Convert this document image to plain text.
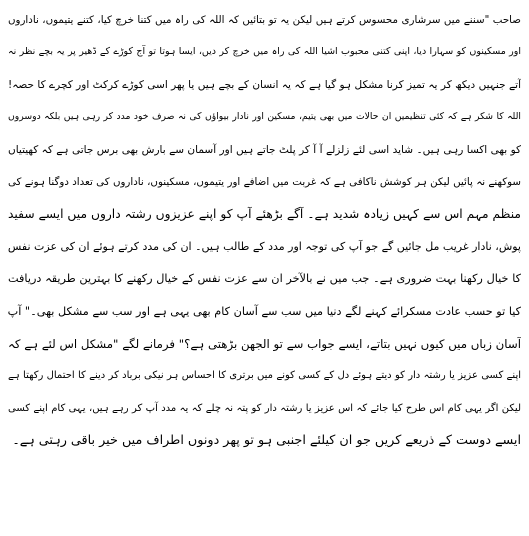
صاحب "سننے میں سرشاری محسوس کرتے ہیں لیکن یہ تو بتائیں کہ اللہ کی راہ میں کتنا خرچ کیا، کتنے یتیموں، ناداروں
اور مسکینوں کو سہارا دیا، اپنی کتنی محبوب اشیا اللہ کی راہ میں خرچ کر دیں، ایسا ہوتا تو آج کوڑے کے ڈھیر پر یہ بچے نظر نہ
آتے جنہیں دیکھ کر یہ تمیز کرنا مشکل ہو گیا ہے کہ یہ انسان کے بچے ہیں یا پھر اسی کوڑے کرکٹ اور کچرے کا حصہ!
اللہ کا شکر ہے کہ کئی تنظیمیں ان حالات میں بھی یتیم، مسکین اور نادار بیواؤں کی نہ صرف خود مدد کر رہی ہیں بلکہ دوسروں
کو بھی اکسا رہی ہیں۔ شاید اسی لئے زلزلے آ آ کر پلٹ جاتے ہیں اور آسمان سے بارش بھی برس جاتی ہے کہ کھیتیاں
سوکھنے نہ پائیں لیکن ہر کوشش ناکافی ہے کہ غربت میں اضافے اور یتیموں، مسکینوں، ناداروں کی تعداد دوگنا ہونے کی
منظم مہم اس سے کہیں زیادہ شدید ہے۔ آگے بڑھئے آپ کو اپنے عزیزوں رشتہ داروں میں ایسے سفید
پوش، نادار غریب مل جائیں گے جو آپ کی توجہ اور مدد کے طالب ہیں۔ ان کی مدد کرتے ہوئے ان کی عزت نفس
کا خیال رکھنا بہت ضروری ہے۔ جب میں نے بالآخر ان سے عزت نفس کے خیال رکھنے کا بہترین طریقہ دریافت
کیا تو حسب عادت مسکرائے کہنے لگے دنیا میں سب سے آسان کام بھی یہی ہے اور سب سے مشکل بھی۔" آپ
آسان زباں میں کیوں نہیں بتاتے، ایسے جواب سے تو الجھن بڑھتی ہے؟" فرمانے لگے "مشکل اس لئے ہے کہ
اپنے کسی عزیز یا رشتہ دار کو دیتے ہوئے دل کے کسی کونے میں برتری کا احساس ہر نیکی برباد کر دینے کا احتمال رکھتا ہے
لیکن اگر یہی کام اس طرح کیا جائے کہ اس عزیز یا رشتہ دار کو پتہ نہ چلے کہ یہ مدد آپ کر رہے ہیں، یہی کام اپنے کسی
ایسے دوست کے ذریعے کریں جو ان کیلئے اجنبی ہو تو پھر دونوں اطراف میں خیر باقی رہتی ہے۔
